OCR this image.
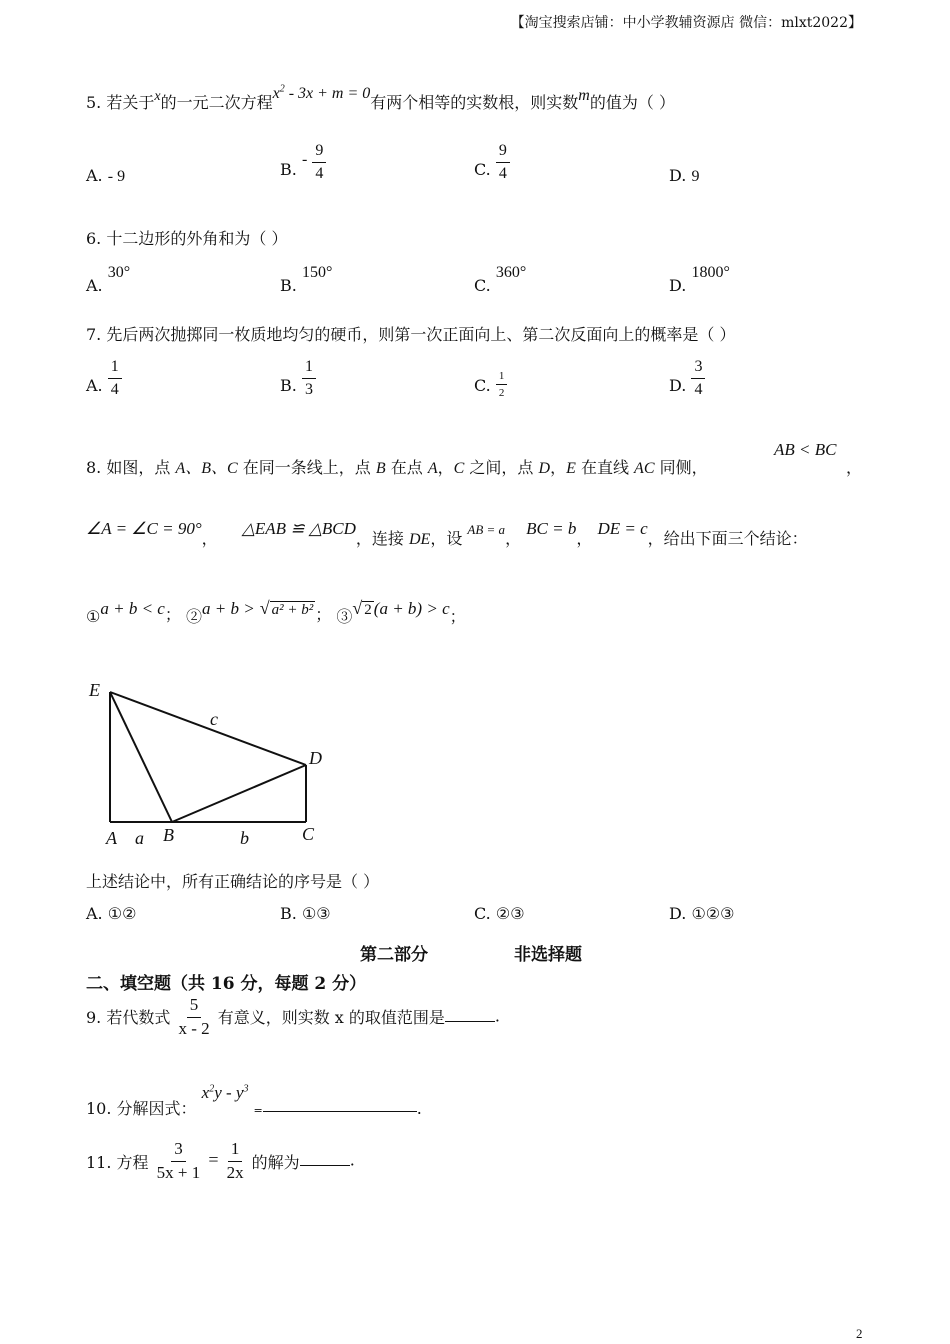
【淘宝搜索店铺：中小学教辅资源店 微信：mlxt2022】
5. 若关于x的一元二次方程$x^2 - 3x + m = 0$有两个相等的实数根，则实数m的值为（ ）
A. - 9	B. - $\frac{9}{4}$	C. $\frac{9}{4}$	D. 9
6. 十二边形的外角和为（ ）
A. 30°
B. 150°
C. 360°
D. 1800°
7. 先后两次抛掷同一枚质地均匀的硬币，则第一次正面向上、第二次反面向上的概率是（ ）
A. $\frac{1}{4}$	B. $\frac{1}{3}$	C. $\frac{1}{2}$	D. $\frac{3}{4}$
8. 如图，点 A、B、C 在同一条线上，点 B 在点 A，C 之间，点 D，E 在直线 AC 同侧，
AB < BC
，
∠A = ∠C = 90°，  △EAB ≌ △BCD，连接 DE，设 AB = a， BC = b， DE = c，给出下面三个结论：
①a + b < c； ②a + b > √ a² + b² ； ③√ 2 (a + b) > c；
E
A a B	b	C
D
c
上述结论中，所有正确结论的序号是（ ）
A. ①②	B. ①③	C. ②③	D. ①②③
第二部分	非选择题
二、填空题（共 16 分，每题 2 分）
9. 若代数式 $\frac{5}{x - 2}$ 有意义，则实数 x 的取值范围是	.
10. 分解因式： $x^2y - y^3$ $_=$	.
11. 方程 $\frac{3}{5x + 1} = \frac{1}{2x}$ 的解为	.
2
